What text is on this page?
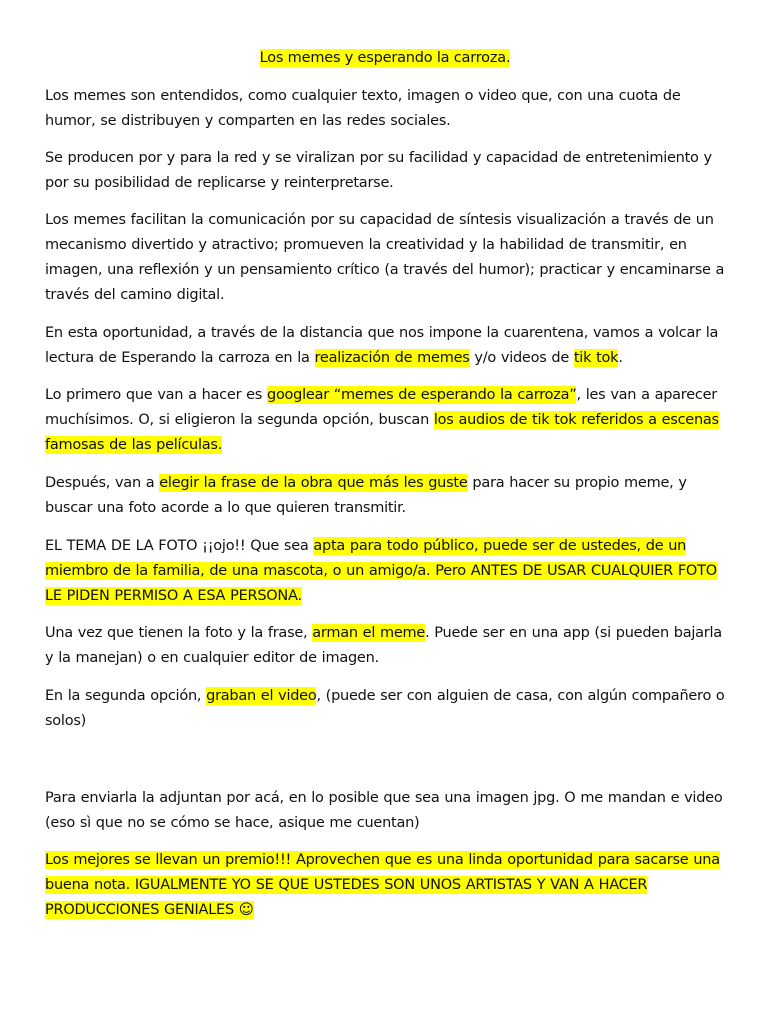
Los memes y esperando la carroza.

Los memes son entendidos, como cualquier texto, imagen o video que, con una cuota de humor, se distribuyen y comparten en las redes sociales.

Se producen por y para la red y se viralizan por su facilidad y capacidad de entretenimiento y por su posibilidad de replicarse y reinterpretarse.

Los memes facilitan la comunicación por su capacidad de síntesis visualización a través de un mecanismo divertido y atractivo; promueven la creatividad y la habilidad de transmitir, en imagen, una reflexión y un pensamiento crítico (a través del humor); practicar y encaminarse a través del camino digital.

En esta oportunidad, a través de la distancia que nos impone la cuarentena, vamos a volcar la lectura de Esperando la carroza en la realización de memes y/o videos de tik tok.

Lo primero que van a hacer es googlear “memes de esperando la carroza”, les van a aparecer muchísimos. O, si eligieron la segunda opción, buscan los audios de tik tok referidos a escenas famosas de las películas.

Después, van a elegir la frase de la obra que más les guste para hacer su propio meme, y buscar una foto acorde a lo que quieren transmitir.

EL TEMA DE LA FOTO ¡¡ojo!! Que sea apta para todo público, puede ser de ustedes, de un miembro de la familia, de una mascota, o un amigo/a. Pero ANTES DE USAR CUALQUIER FOTO LE PIDEN PERMISO A ESA PERSONA.

Una vez que tienen la foto y la frase, arman el meme. Puede ser en una app (si pueden bajarla y la manejan) o en cualquier editor de imagen.

En la segunda opción, graban el video, (puede ser con alguien de casa, con algún compañero o solos)

Para enviarla la adjuntan por acá, en lo posible que sea una imagen jpg. O me mandan e video (eso sì que no se cómo se hace, asique me cuentan)

Los mejores se llevan un premio!!! Aprovechen que es una linda oportunidad para sacarse una buena nota. IGUALMENTE YO SE QUE USTEDES SON UNOS ARTISTAS Y VAN A HACER PRODUCCIONES GENIALES ☺
